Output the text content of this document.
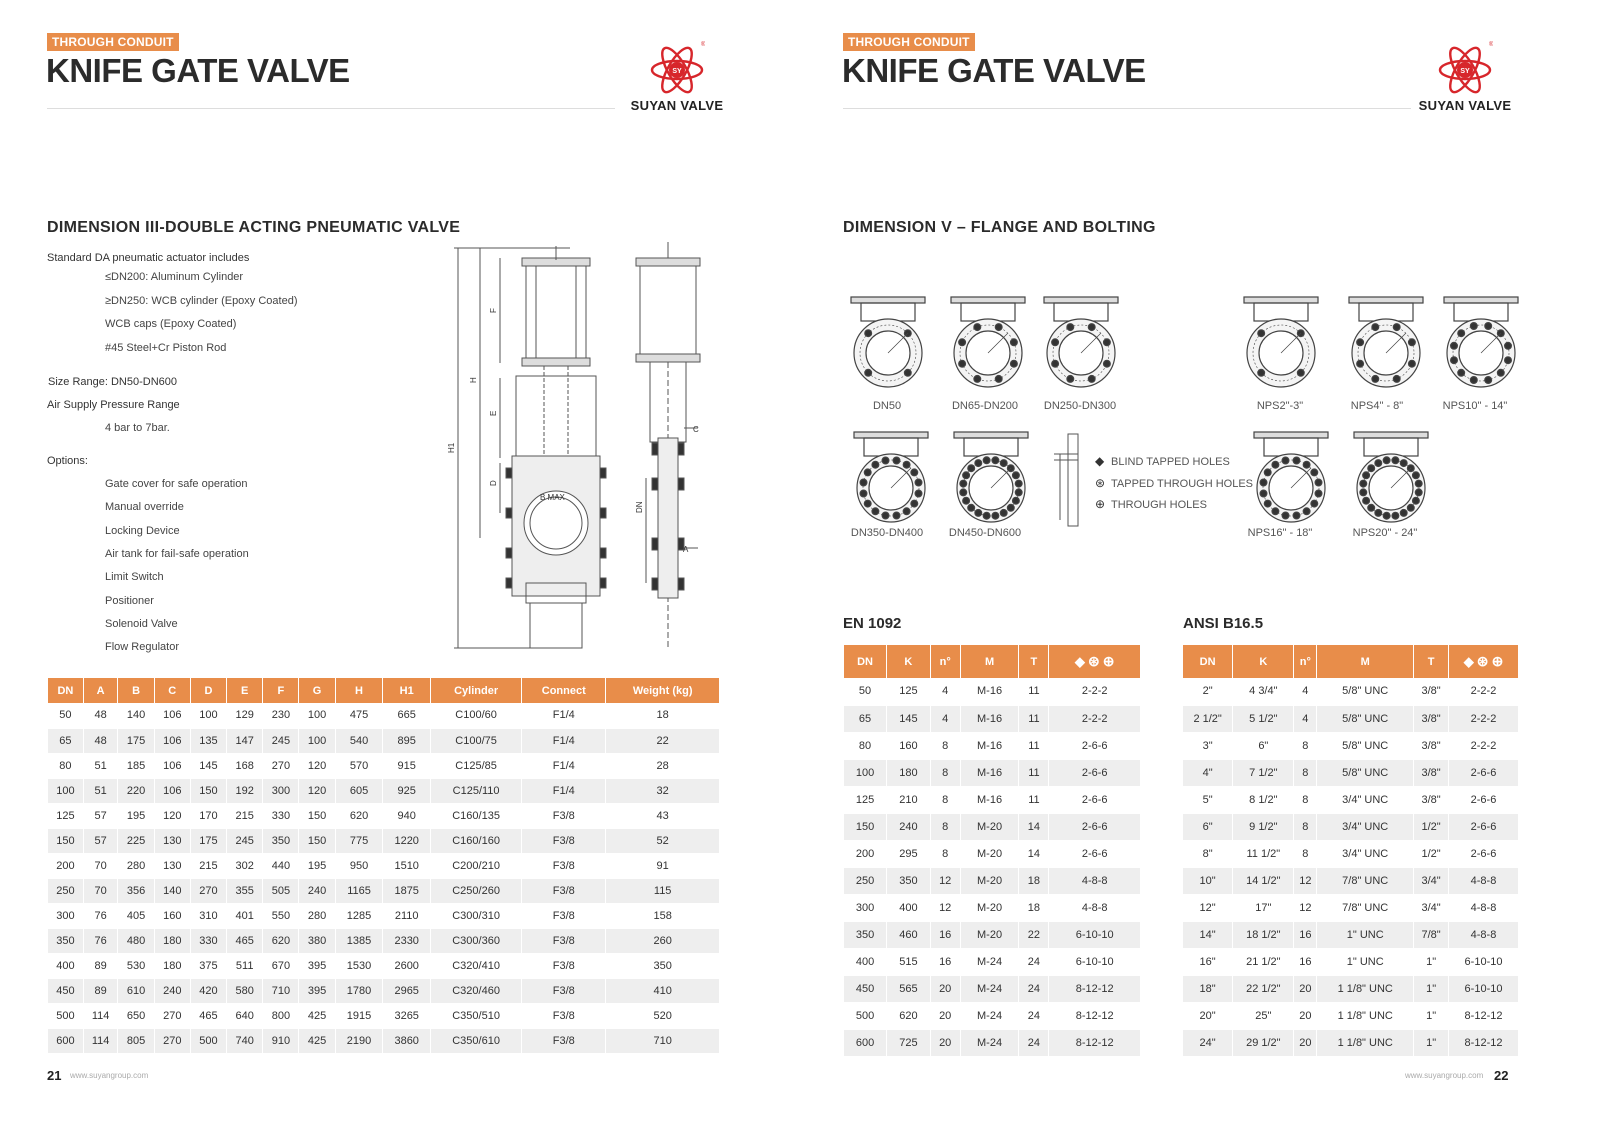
THROUGH CONDUIT
KNIFE GATE VALVE	SY
®
SUYAN VALVE
DIMENSION III-DOUBLE ACTING PNEUMATIC VALVE
Standard DA pneumatic actuator includes
≤DN200: Aluminum Cylinder
≥DN250: WCB cylinder (Epoxy Coated)
WCB caps (Epoxy Coated)
#45 Steel+Cr Piston Rod
Size Range: DN50-DN600
Air Supply Pressure Range
4 bar to 7bar.
Options:
Gate cover for safe operation
Manual override
Locking Device
Air tank for fail-safe operation
Limit Switch
Positioner
Solenoid Valve
Flow Regulator
F
H
E
H1
D
B MAX
C
DN
A
DN	A	B	C	D	E	F	G	H	H1	Cylinder	Connect	Weight (kg)
50	48	140	106	100	129	230	100	475	665	C100/60	F1/4	18
65	48	175	106	135	147	245	100	540	895	C100/75	F1/4	22
80	51	185	106	145	168	270	120	570	915	C125/85	F1/4	28
100	51	220	106	150	192	300	120	605	925	C125/110	F1/4	32
125	57	195	120	170	215	330	150	620	940	C160/135	F3/8	43
150	57	225	130	175	245	350	150	775	1220	C160/160	F3/8	52
200	70	280	130	215	302	440	195	950	1510	C200/210	F3/8	91
250	70	356	140	270	355	505	240	1165	1875	C250/260	F3/8	115
300	76	405	160	310	401	550	280	1285	2110	C300/310	F3/8	158
350	76	480	180	330	465	620	380	1385	2330	C300/360	F3/8	260
400	89	530	180	375	511	670	395	1530	2600	C320/410	F3/8	350
450	89	610	240	420	580	710	395	1780	2965	C320/460	F3/8	410
500	114	650	270	465	640	800	425	1915	3265	C350/510	F3/8	520
600	114	805	270	500	740	910	425	2190	3860	C350/610	F3/8	710
21 www.suyangroup.com
THROUGH CONDUIT
KNIFE GATE VALVE	SY
®
SUYAN VALVE
DIMENSION V – FLANGE AND BOLTING
DN50	DN65-DN200	DN250-DN300	NPS2"-3"	NPS4" - 8"	NPS10" - 14"
DN350-DN400	DN450-DN600	NPS16" - 18"	NPS20" - 24"
◆ BLIND TAPPED HOLES
⊛ TAPPED THROUGH HOLES
⊕ THROUGH HOLES
EN 1092
DN	K	n°	M	T	◆ ⊛ ⊕
50	125	4	M-16	11	2-2-2
65	145	4	M-16	11	2-2-2
80	160	8	M-16	11	2-6-6
100	180	8	M-16	11	2-6-6
125	210	8	M-16	11	2-6-6
150	240	8	M-20	14	2-6-6
200	295	8	M-20	14	2-6-6
250	350	12	M-20	18	4-8-8
300	400	12	M-20	18	4-8-8
350	460	16	M-20	22	6-10-10
400	515	16	M-24	24	6-10-10
450	565	20	M-24	24	8-12-12
500	620	20	M-24	24	8-12-12
600	725	20	M-24	24	8-12-12
ANSI B16.5
DN	K	n°	M	T	◆ ⊛ ⊕
2"	4 3/4"	4	5/8" UNC	3/8"	2-2-2
2 1/2"	5 1/2"	4	5/8" UNC	3/8"	2-2-2
3"	6"	8	5/8" UNC	3/8"	2-2-2
4"	7 1/2"	8	5/8" UNC	3/8"	2-6-6
5"	8 1/2"	8	3/4" UNC	3/8"	2-6-6
6"	9 1/2"	8	3/4" UNC	1/2"	2-6-6
8"	11 1/2"	8	3/4" UNC	1/2"	2-6-6
10"	14 1/2"	12	7/8" UNC	3/4"	4-8-8
12"	17"	12	7/8" UNC	3/4"	4-8-8
14"	18 1/2"	16	1" UNC	7/8"	4-8-8
16"	21 1/2"	16	1" UNC	1"	6-10-10
18"	22 1/2"	20	1 1/8" UNC	1"	6-10-10
20"	25"	20	1 1/8" UNC	1"	8-12-12
24"	29 1/2"	20	1 1/8" UNC	1"	8-12-12
www.suyangroup.com 22
